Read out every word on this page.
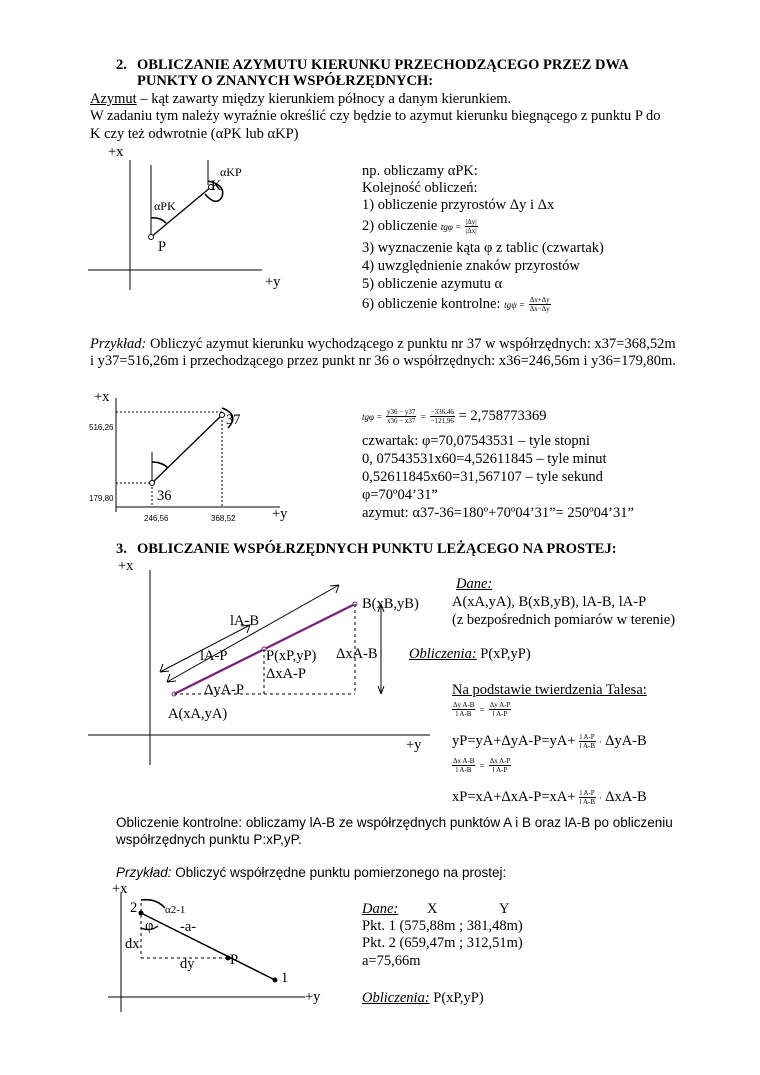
2. OBLICZANIE AZYMUTU KIERUNKU PRZECHODZĄCEGO PRZEZ DWA
PUNKTY O ZNANYCH WSPÓŁRZĘDNYCH:
Azymut – kąt zawarty między kierunkiem północy a danym kierunkiem.
W zadaniu tym należy wyraźnie określić czy będzie to azymut kierunku biegnącego z punktu P do
K czy też odwrotnie (αPK lub αKP)
+x
+y
P
K
αPK
αKP	np. obliczamy αPK:
Kolejność obliczeń:
1) obliczenie przyrostów Δy i Δx
2) obliczenie $tg\varphi = \frac{|\Delta y|}{|\Delta x|}$
3) wyznaczenie kąta φ z tablic (czwartak)
4) uwzględnienie znaków przyrostów
5) obliczenie azymutu α
6) obliczenie kontrolne: $tg\psi = \frac{\Delta x+\Delta y}{\Delta x-\Delta y}$
Przykład: Obliczyć azymut kierunku wychodzącego z punktu nr 37 w współrzędnych: x37=368,52m
i y37=516,26m i przechodzącego przez punkt nr 36 o współrzędnych: x36=246,56m i y36=179,80m.
+x
+y
37
36
516,26
179,80
246,56	368,52
$tg\varphi = \frac{y36 - y37}{x36 - x37} = \frac{-336,46}{-121,96} = 2,758773369$
czwartak: φ=70,07543531 – tyle stopni
0, 07543531x60=4,52611845 – tyle minut
0,52611845x60=31,567107 – tyle sekund
φ=70º04’31”
azymut: α37-36=180º+70º04’31”= 250º04’31”
3. OBLICZANIE WSPÓŁRZĘDNYCH PUNKTU LEŻĄCEGO NA PROSTEJ:
+x
+y
A(xA,yA)
B(xB,yB)
P(xP,yP)
lA-B
lA-P	ΔxA-B
ΔxA-P
ΔyA-P
Dane:
A(xA,yA), B(xB,yB), lA-B, lA-P
(z bezpośrednich pomiarów w terenie)
Obliczenia: P(xP,yP)
Na podstawie twierdzenia Talesa:
$\frac{\text{Δy A-B}}{\text{l A-B}} = \frac{\text{Δy A-P}}{\text{l A-P}}$
$yP=yA+\Delta yA-P=yA+ \frac{\text{l A-P}}{\text{l A-B}} \cdot \Delta yA-B$
$\frac{\text{Δx A-B}}{\text{l A-B}} = \frac{\text{Δx A-P}}{\text{l A-P}}$
$xP=xA+\Delta xA-P=xA+ \frac{\text{l A-P}}{\text{l A-B}} \cdot \Delta xA-B$
Obliczenie kontrolne: obliczamy lA-B ze współrzędnych punktów A i B oraz lA-B po obliczeniu
współrzędnych punktu P:xP,yP.
Przykład: Obliczyć współrzędne punktu pomierzonego na prostej:
+x
+y
2
1
P
α2-1
φ -a-
dx
dy
Dane: X	Y
Pkt. 1 (575,88m ; 381,48m)
Pkt. 2 (659,47m ; 312,51m)
a=75,66m
Obliczenia: P(xP,yP)
